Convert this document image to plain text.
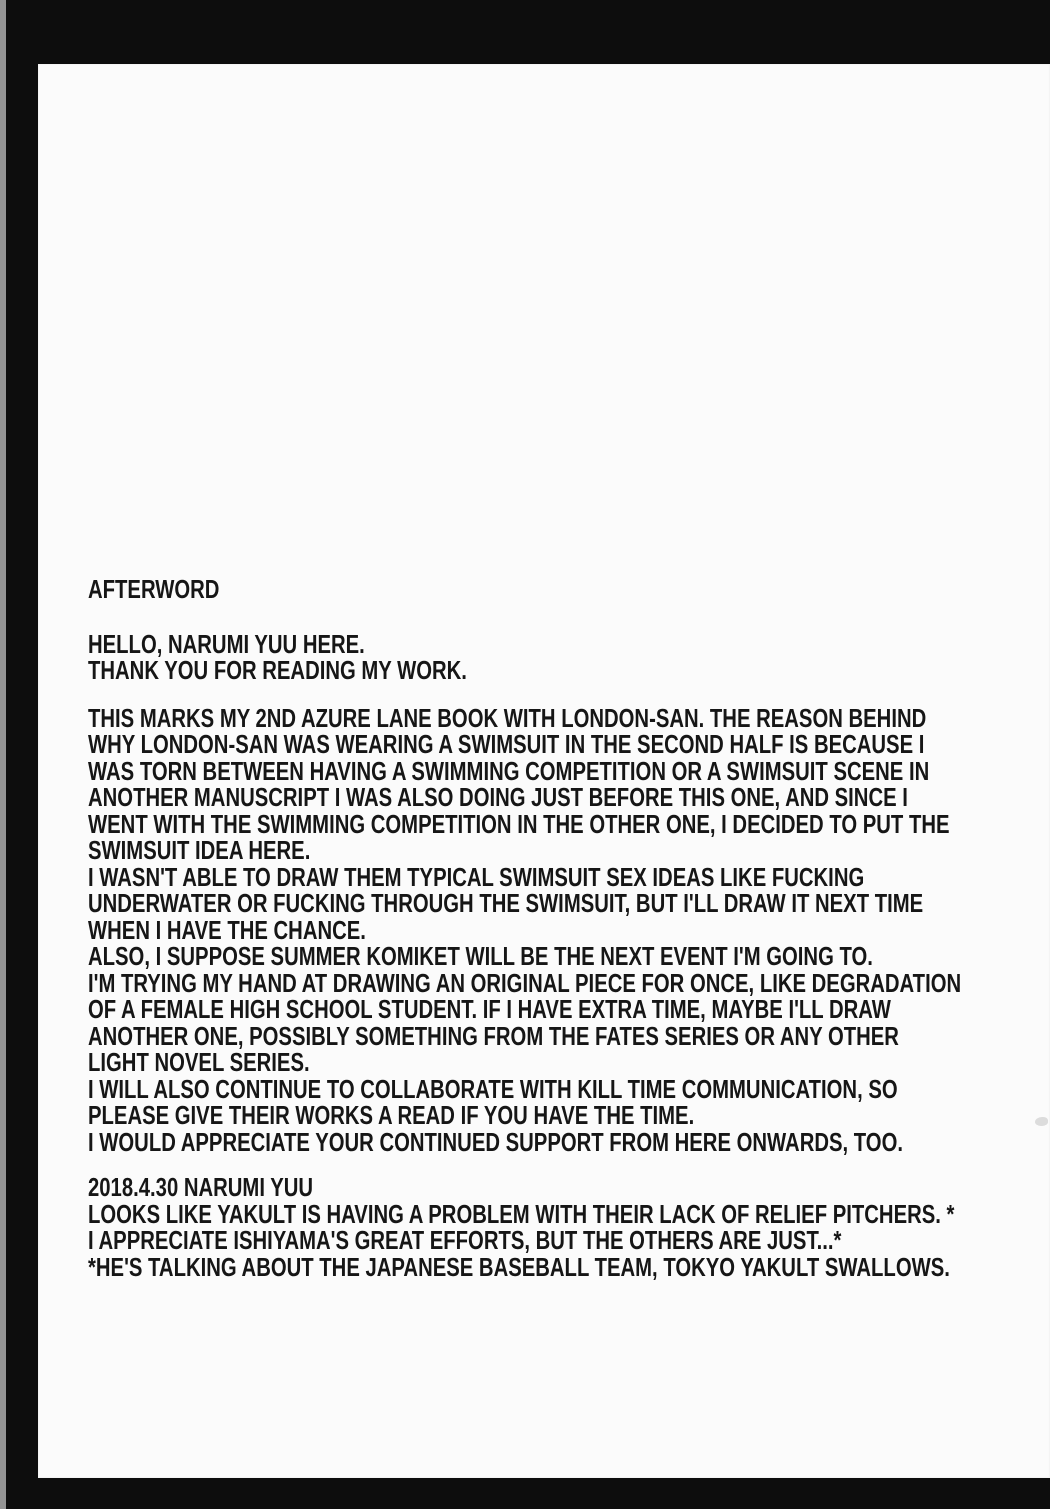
AFTERWORD
HELLO, NARUMI YUU HERE.
THANK YOU FOR READING MY WORK.
THIS MARKS MY 2ND AZURE LANE BOOK WITH LONDON-SAN. THE REASON BEHIND
WHY LONDON-SAN WAS WEARING A SWIMSUIT IN THE SECOND HALF IS BECAUSE I
WAS TORN BETWEEN HAVING A SWIMMING COMPETITION OR A SWIMSUIT SCENE IN
ANOTHER MANUSCRIPT I WAS ALSO DOING JUST BEFORE THIS ONE, AND SINCE I
WENT WITH THE SWIMMING COMPETITION IN THE OTHER ONE, I DECIDED TO PUT THE
SWIMSUIT IDEA HERE.
I WASN'T ABLE TO DRAW THEM TYPICAL SWIMSUIT SEX IDEAS LIKE FUCKING
UNDERWATER OR FUCKING THROUGH THE SWIMSUIT, BUT I'LL DRAW IT NEXT TIME
WHEN I HAVE THE CHANCE.
ALSO, I SUPPOSE SUMMER KOMIKET WILL BE THE NEXT EVENT I'M GOING TO.
I'M TRYING MY HAND AT DRAWING AN ORIGINAL PIECE FOR ONCE, LIKE DEGRADATION
OF A FEMALE HIGH SCHOOL STUDENT. IF I HAVE EXTRA TIME, MAYBE I'LL DRAW
ANOTHER ONE, POSSIBLY SOMETHING FROM THE FATES SERIES OR ANY OTHER
LIGHT NOVEL SERIES.
I WILL ALSO CONTINUE TO COLLABORATE WITH KILL TIME COMMUNICATION, SO
PLEASE GIVE THEIR WORKS A READ IF YOU HAVE THE TIME.
I WOULD APPRECIATE YOUR CONTINUED SUPPORT FROM HERE ONWARDS, TOO.
2018.4.30 NARUMI YUU
LOOKS LIKE YAKULT IS HAVING A PROBLEM WITH THEIR LACK OF RELIEF PITCHERS. *
I APPRECIATE ISHIYAMA'S GREAT EFFORTS, BUT THE OTHERS ARE JUST...*
*HE'S TALKING ABOUT THE JAPANESE BASEBALL TEAM, TOKYO YAKULT SWALLOWS.
